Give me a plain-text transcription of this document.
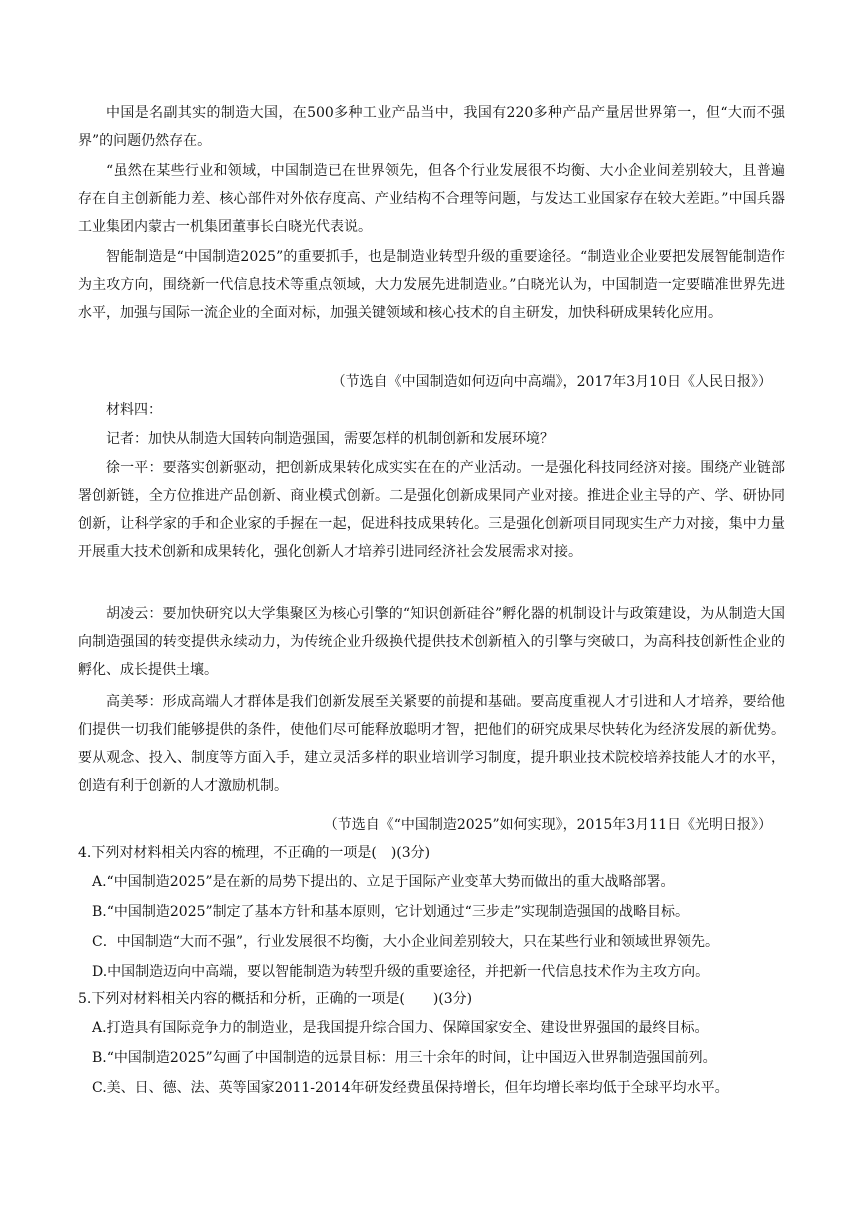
中国是名副其实的制造大国，在500多种工业产品当中，我国有220多种产品产量居世界第一，但“大而不强界”的问题仍然存在。

“虽然在某些行业和领域，中国制造已在世界领先，但各个行业发展很不均衡、大小企业间差别较大，且普遍存在自主创新能力差、核心部件对外依存度高、产业结构不合理等问题，与发达工业国家存在较大差距。”中国兵器工业集团内蒙古一机集团董事长白晓光代表说。

智能制造是“中国制造2025”的重要抓手，也是制造业转型升级的重要途径。“制造业企业要把发展智能制造作为主攻方向，围绕新一代信息技术等重点领域，大力发展先进制造业。”白晓光认为，中国制造一定要瞄准世界先进水平，加强与国际一流企业的全面对标，加强关键领域和核心技术的自主研发，加快科研成果转化应用。

（节选自《中国制造如何迈向中高端》，2017年3月10日《人民日报》）
材料四：

记者：加快从制造大国转向制造强国，需要怎样的机制创新和发展环境？

徐一平：要落实创新驱动，把创新成果转化成实实在在的产业活动。一是强化科技同经济对接。围绕产业链部署创新链，全方位推进产品创新、商业模式创新。二是强化创新成果同产业对接。推进企业主导的产、学、研协同创新，让科学家的手和企业家的手握在一起，促进科技成果转化。三是强化创新项目同现实生产力对接，集中力量开展重大技术创新和成果转化，强化创新人才培养引进同经济社会发展需求对接。

胡凌云：要加快研究以大学集聚区为核心引擎的“知识创新硅谷”孵化器的机制设计与政策建设，为从制造大国向制造强国的转变提供永续动力，为传统企业升级换代提供技术创新植入的引擎与突破口，为高科技创新性企业的孵化、成长提供土壤。

高美琴：形成高端人才群体是我们创新发展至关紧要的前提和基础。要高度重视人才引进和人才培养，要给他们提供一切我们能够提供的条件，使他们尽可能释放聪明才智，把他们的研究成果尽快转化为经济发展的新优势。要从观念、投入、制度等方面入手，建立灵活多样的职业培训学习制度，提升职业技术院校培养技能人才的水平，创造有利于创新的人才激励机制。

（节选自《“中国制造2025”如何实现》，2015年3月11日《光明日报》）
4.下列对材料相关内容的梳理，不正确的一项是(　)(3分)
A.“中国制造2025”是在新的局势下提出的、立足于国际产业变革大势而做出的重大战略部署。
B.“中国制造2025”制定了基本方针和基本原则，它计划通过“三步走”实现制造强国的战略目标。
C．中国制造“大而不强”，行业发展很不均衡，大小企业间差别较大，只在某些行业和领域世界领先。
D.中国制造迈向中高端，要以智能制造为转型升级的重要途径，并把新一代信息技术作为主攻方向。
5.下列对材料相关内容的概括和分析，正确的一项是(　　)(3分)
A.打造具有国际竞争力的制造业，是我国提升综合国力、保障国家安全、建设世界强国的最终目标。
B.“中国制造2025”勾画了中国制造的远景目标：用三十余年的时间，让中国迈入世界制造强国前列。
C.美、日、德、法、英等国家2011-2014年研发经费虽保持增长，但年均增长率均低于全球平均水平。
